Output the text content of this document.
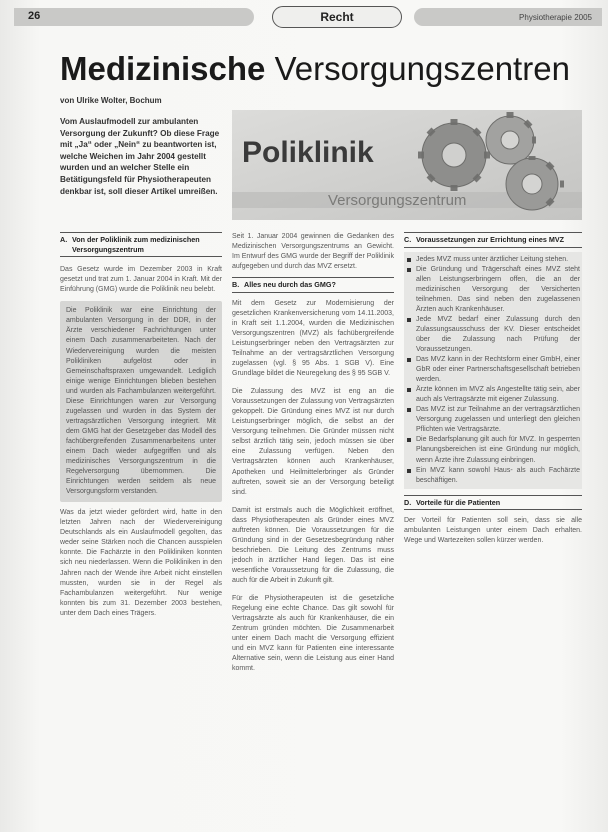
26	Recht	Physiotherapie 2005
Medizinische Versorgungszentren
von Ulrike Wolter, Bochum
Vom Auslaufmodell zur ambulanten Versorgung der Zukunft? Ob diese Frage mit „Ja“ oder „Nein“ zu beantworten ist, welche Weichen im Jahr 2004 gestellt wurden und an welcher Stelle ein Betätigungsfeld für Physiotherapeuten denkbar ist, soll dieser Artikel umreißen.
Poliklinik
Versorgungszentrum
A. Von der Poliklinik zum medizinischen Versorgungszentrum

Das Gesetz wurde im Dezember 2003 in Kraft gesetzt und trat zum 1. Januar 2004 in Kraft. Mit der Einführung (GMG) wurde die Poliklinik neu belebt.

Die Poliklinik war eine Einrichtung der ambulanten Versorgung in der DDR, in der Ärzte verschiedener Fachrichtungen unter einem Dach zusammenarbeiteten. Nach der Wiedervereinigung wurden die meisten Polikliniken aufgelöst oder in Gemeinschaftspraxen umgewandelt. Lediglich einige wenige Einrichtungen blieben bestehen und wurden als Fachambulanzen weitergeführt. Diese Einrichtungen waren zur Versorgung zugelassen und wurden in das System der vertragsärztlichen Versorgung integriert. Mit dem GMG hat der Gesetzgeber das Modell des fachübergreifenden Zusammenarbeitens unter einem Dach wieder aufgegriffen und als medizinisches Versorgungszentrum in die Regelversorgung übernommen. Die Einrichtungen werden seitdem als neue Versorgungsform verstanden.

Was da jetzt wieder gefördert wird, hatte in den letzten Jahren nach der Wiedervereinigung Deutschlands als ein Auslaufmodell gegolten, das weder seine Stärken noch die Chancen ausspielen konnte. Die Fachärzte in den Polikliniken konnten sich neu niederlassen. Wenn die Polikliniken in den Jahren nach der Wende ihre Arbeit nicht einstellen mussten, wurden sie in der Regel als Fachambulanzen weitergeführt. Nur wenige konnten bis zum 31. Dezember 2003 bestehen, unter dem Dach eines Trägers.

Seit 1. Januar 2004 gewinnen die Gedanken des Medizinischen Versorgungszentrums an Gewicht. Im Entwurf des GMG wurde der Begriff der Poliklinik aufgegeben und durch das MVZ ersetzt.

B. Alles neu durch das GMG?

Mit dem Gesetz zur Modernisierung der gesetzlichen Krankenversicherung vom 14.11.2003, in Kraft seit 1.1.2004, wurden die Medizinischen Versorgungszentren (MVZ) als fachübergreifende Leistungserbringer neben den Vertragsärzten zur Teilnahme an der vertragsärztlichen Versorgung zugelassen (vgl. § 95 Abs. 1 SGB V). Eine Grundlage bildet die Neuregelung des § 95 SGB V.

Die Zulassung des MVZ ist eng an die Voraussetzungen der Zulassung von Vertragsärzten gekoppelt. Die Gründung eines MVZ ist nur durch Leistungserbringer möglich, die selbst an der Versorgung teilnehmen. Die Gründer müssen nicht selbst ärztlich tätig sein, jedoch müssen sie über eine Zulassung verfügen. Neben den Vertragsärzten können auch Krankenhäuser, Apotheken und Heilmittelerbringer als Gründer auftreten, soweit sie an der Versorgung beteiligt sind.

Damit ist erstmals auch die Möglichkeit eröffnet, dass Physiotherapeuten als Gründer eines MVZ auftreten können. Die Voraussetzungen für die Gründung sind in der Gesetzesbegründung näher beschrieben. Die Leitung des Zentrums muss jedoch in ärztlicher Hand liegen. Das ist eine wesentliche Voraussetzung für die Zulassung, die auch für die Arbeit in Zukunft gilt.

Für die Physiotherapeuten ist die gesetzliche Regelung eine echte Chance. Das gilt sowohl für Vertragsärzte als auch für Krankenhäuser, die ein Zentrum gründen möchten. Die Zusammenarbeit unter einem Dach macht die Versorgung effizient und ein MVZ kann für Patienten eine interessante Alternative sein, wenn die Leistung aus einer Hand kommt.

C. Voraussetzungen zur Errichtung eines MVZ
Jedes MVZ muss unter ärztlicher Leitung stehen.
Die Gründung und Trägerschaft eines MVZ steht allen Leistungserbringern offen, die an der medizinischen Versorgung der Versicherten teilnehmen. Das sind neben den zugelassenen Ärzten auch Krankenhäuser.
Jede MVZ bedarf einer Zulassung durch den Zulassungsausschuss der KV. Dieser entscheidet über die Zulassung nach Prüfung der Voraussetzungen.
Das MVZ kann in der Rechtsform einer GmbH, einer GbR oder einer Partnerschaftsgesellschaft betrieben werden.
Ärzte können im MVZ als Angestellte tätig sein, aber auch als Vertragsärzte mit eigener Zulassung.
Das MVZ ist zur Teilnahme an der vertragsärztlichen Versorgung zugelassen und unterliegt den gleichen Pflichten wie Vertragsärzte.
Die Bedarfsplanung gilt auch für MVZ. In gesperrten Planungsbereichen ist eine Gründung nur möglich, wenn Ärzte ihre Zulassung einbringen.
Ein MVZ kann sowohl Haus- als auch Fachärzte beschäftigen.
D. Vorteile für die Patienten

Der Vorteil für Patienten soll sein, dass sie alle ambulanten Leistungen unter einem Dach erhalten. Wege und Wartezeiten sollen kürzer werden.
